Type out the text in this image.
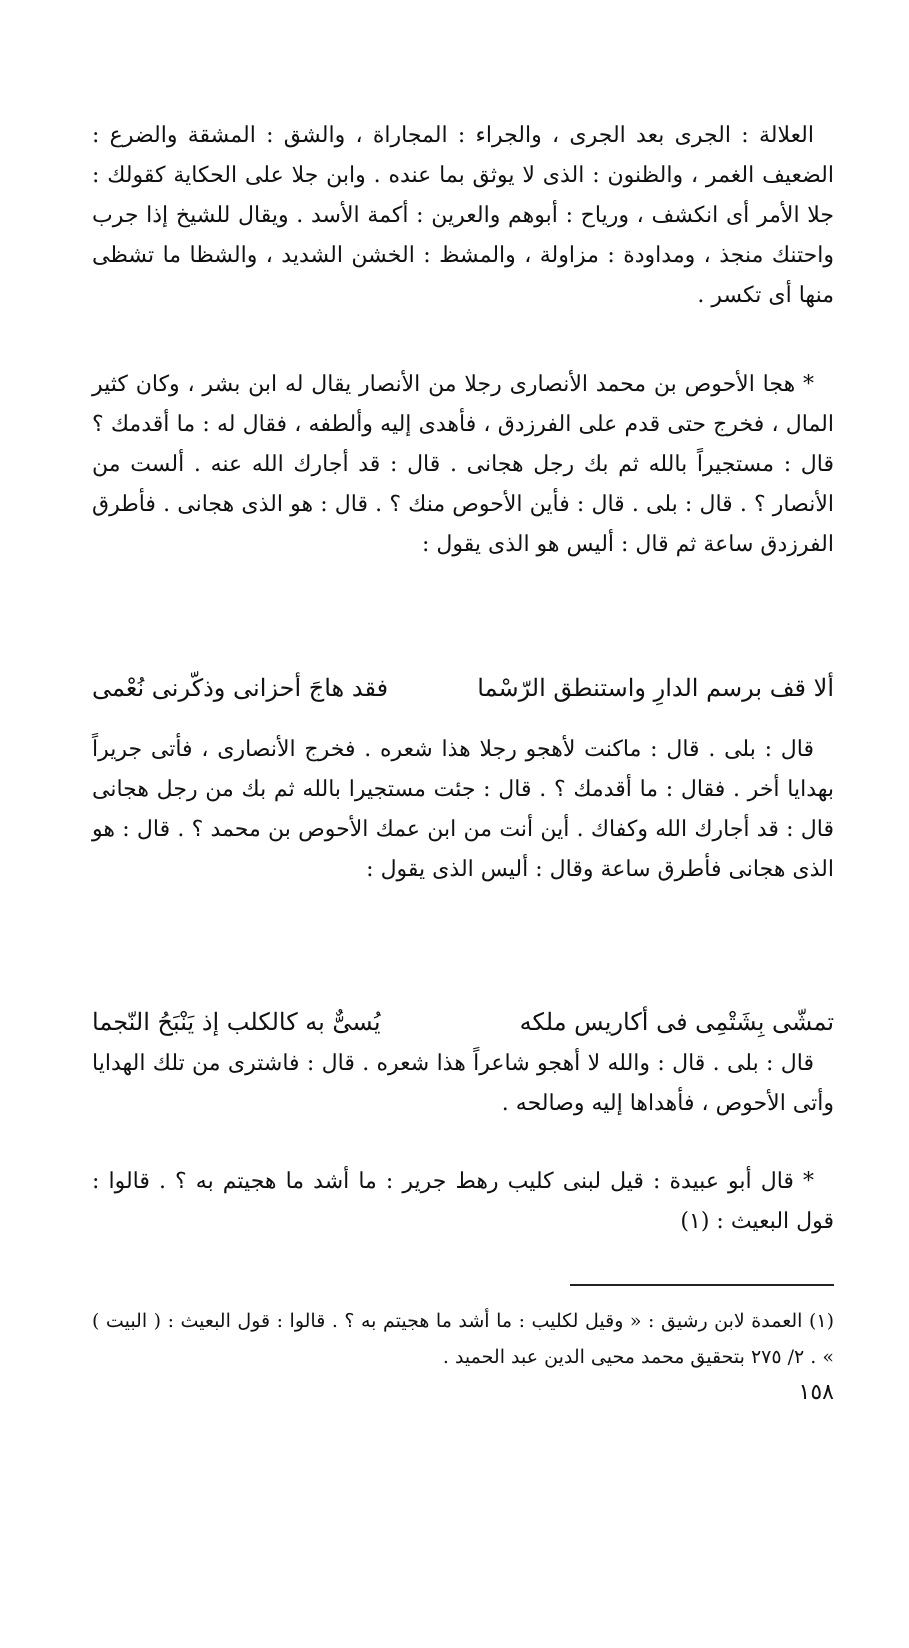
العلالة : الجرى بعد الجرى ، والجراء : المجاراة ، والشق : المشقة والضرع : الضعيف الغمر ، والظنون : الذى لا يوثق بما عنده . وابن جلا على الحكاية كقولك : جلا الأمر أى انكشف ، ورياح : أبوهم والعرين : أكمة الأسد . ويقال للشيخ إذا جرب واحتنك منجذ ، ومداودة : مزاولة ، والمشظ : الخشن الشديد ، والشظا ما تشظى منها أى تكسر .

* هجا الأحوص بن محمد الأنصارى رجلا من الأنصار يقال له ابن بشر ، وكان كثير المال ، فخرج حتى قدم على الفرزدق ، فأهدى إليه وألطفه ، فقال له : ما أقدمك ؟ قال : مستجيراً بالله ثم بك رجل هجانى . قال : قد أجارك الله عنه . ألست من الأنصار ؟ . قال : بلى . قال : فأين الأحوص منك ؟ . قال : هو الذى هجانى . فأطرق الفرزدق ساعة ثم قال : أليس هو الذى يقول :

ألا قف برسم الدارِ واستنطق الرّسْما
فقد هاجَ أحزانى وذكّرنى نُعْمى

قال : بلى . قال : ماكنت لأهجو رجلا هذا شعره . فخرج الأنصارى ، فأتى جريراً بهدايا أخر . فقال : ما أقدمك ؟ . قال : جئت مستجيرا بالله ثم بك من رجل هجانى قال : قد أجارك الله وكفاك . أين أنت من ابن عمك الأحوص بن محمد ؟ . قال : هو الذى هجانى فأطرق ساعة وقال : أليس الذى يقول :

تمشّى بِشَتْمِى فى أكاريس ملكه
يُسىٌّ به كالكلب إذ يَنْبَحُ النّجما

قال : بلى . قال : والله لا أهجو شاعراً هذا شعره . قال : فاشترى من تلك الهدايا وأتى الأحوص ، فأهداها إليه وصالحه .

* قال أبو عبيدة : قيل لبنى كليب رهط جرير : ما أشد ما هجيتم به ؟ . قالوا : قول البعيث : (١)

(١) العمدة لابن رشيق : « وقيل لكليب : ما أشد ما هجيتم به ؟ . قالوا : قول البعيث : ( البيت ) » . ٢/ ٢٧٥ بتحقيق محمد محيى الدين عبد الحميد .

١٥٨
